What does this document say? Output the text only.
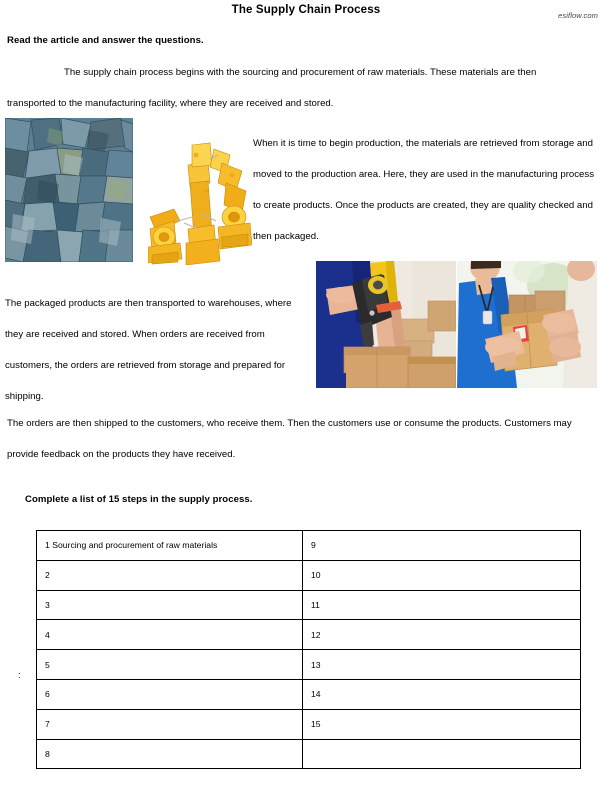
The Supply Chain Process	esiflow.com
Read the article and answer the questions.
The supply chain process begins with the sourcing and procurement of raw materials. These materials are then transported to the manufacturing facility, where they are received and stored.
When it is time to begin production, the materials are retrieved from storage and moved to the production area. Here, they are used in the manufacturing process to create products. Once the products are created, they are quality checked and then packaged.
The packaged products are then transported to warehouses, where they are received and stored. When orders are received from customers, the orders are retrieved from storage and prepared for shipping.
The orders are then shipped to the customers, who receive them. Then the customers use or consume the products. Customers may provide feedback on the products they have received.
Complete a list of 15 steps in the supply process.
:
1 Sourcing and procurement of raw materials	9
2	10
3	11
4	12
5	13
6	14
7	15
8	
